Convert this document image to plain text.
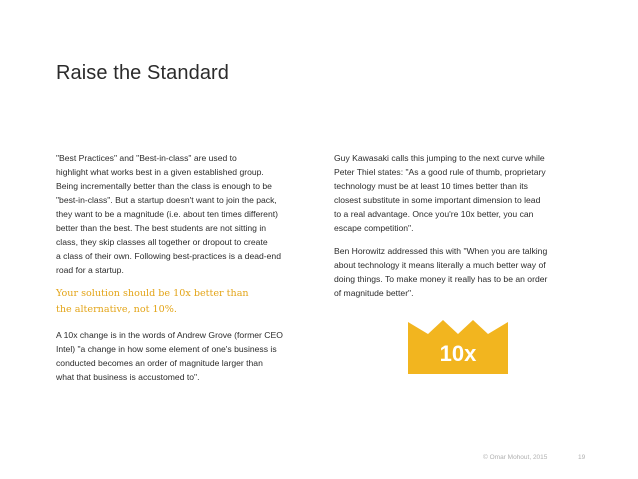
Raise the Standard

"Best Practices" and "Best-in-class" are used to
highlight what works best in a given established group.
Being incrementally better than the class is enough to be
"best-in-class". But a startup doesn't want to join the pack,
they want to be a magnitude (i.e. about ten times different)
better than the best. The best students are not sitting in
class, they skip classes all together or dropout to create
a class of their own. Following best-practices is a dead-end
road for a startup.

Your solution should be 10x better than
the alternative, not 10%.

A 10x change is in the words of Andrew Grove (former CEO
Intel) "a change in how some element of one's business is
conducted becomes an order of magnitude larger than
what that business is accustomed to".

Guy Kawasaki calls this jumping to the next curve while
Peter Thiel states: "As a good rule of thumb, proprietary
technology must be at least 10 times better than its
closest substitute in some important dimension to lead
to a real advantage. Once you're 10x better, you can
escape competition".

Ben Horowitz addressed this with "When you are talking
about technology it means literally a much better way of
doing things. To make money it really has to be an order
of magnitude better".

10x
© Omar Mohout, 2015	19
